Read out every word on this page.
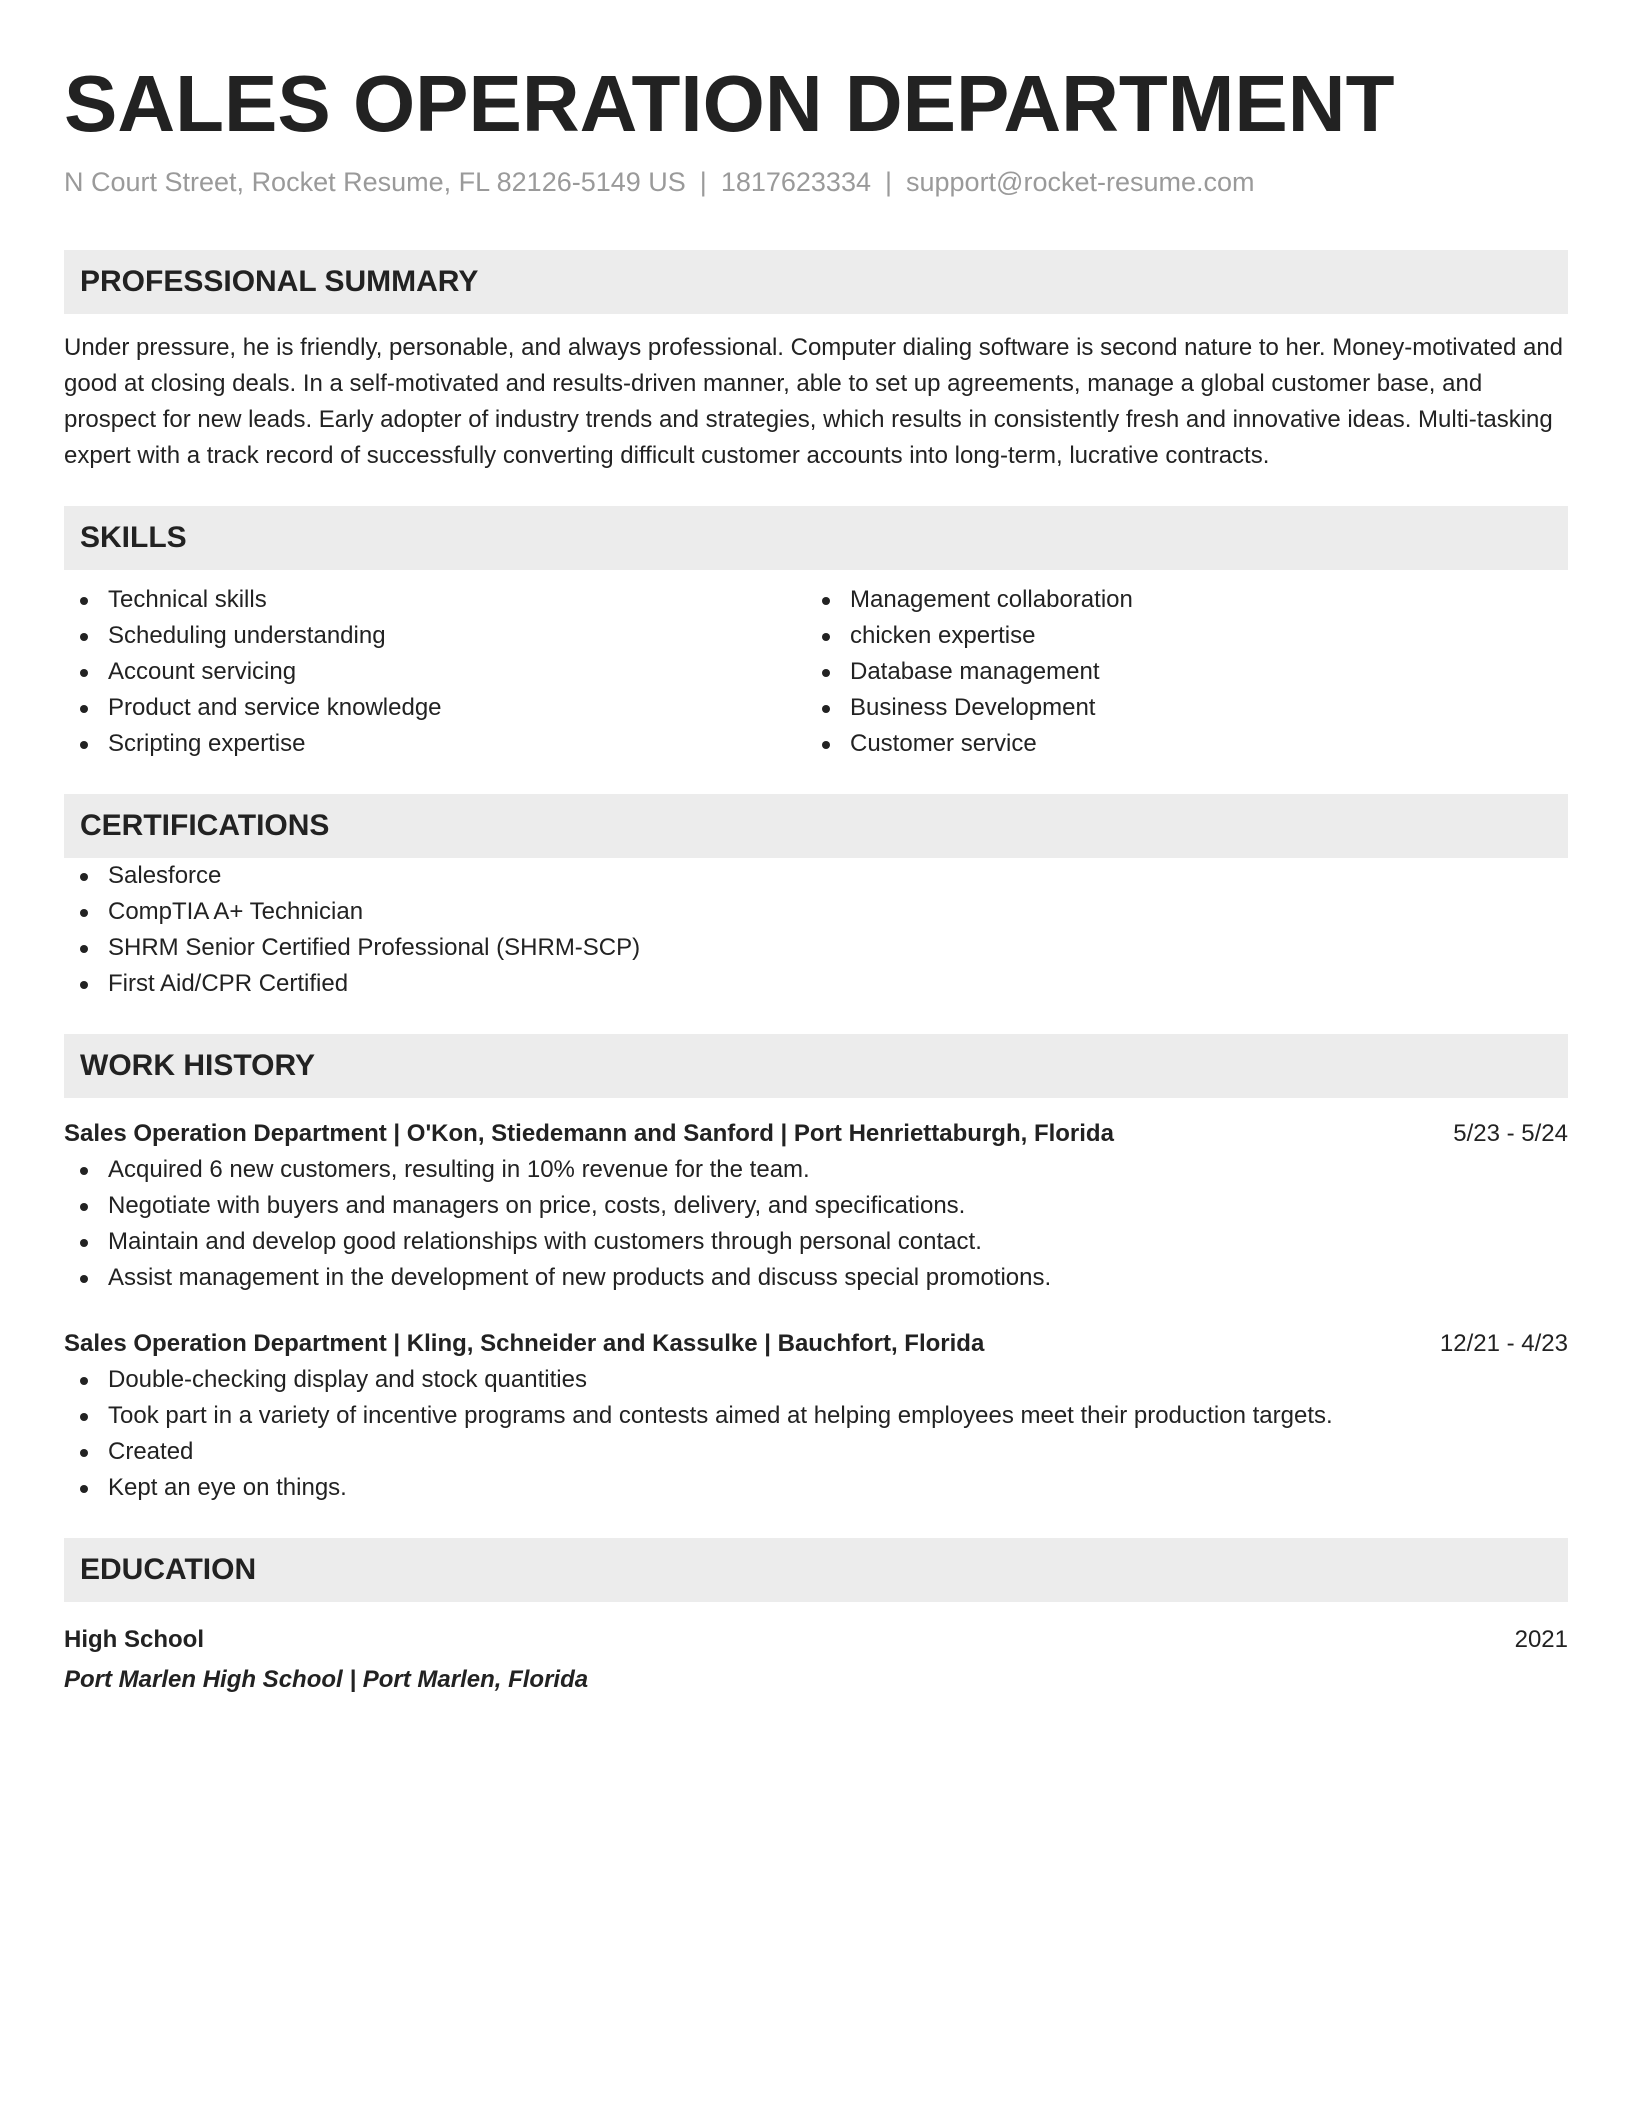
SALES OPERATION DEPARTMENT
N Court Street, Rocket Resume, FL 82126-5149 US | 1817623334 | support@rocket-resume.com
PROFESSIONAL SUMMARY
Under pressure, he is friendly, personable, and always professional. Computer dialing software is second nature to her. Money-motivated and good at closing deals. In a self-motivated and results-driven manner, able to set up agreements, manage a global customer base, and prospect for new leads. Early adopter of industry trends and strategies, which results in consistently fresh and innovative ideas. Multi-tasking expert with a track record of successfully converting difficult customer accounts into long-term, lucrative contracts.
SKILLS
Technical skills
Scheduling understanding
Account servicing
Product and service knowledge
Scripting expertise
Management collaboration
chicken expertise
Database management
Business Development
Customer service
CERTIFICATIONS
Salesforce
CompTIA A+ Technician
SHRM Senior Certified Professional (SHRM-SCP)
First Aid/CPR Certified
WORK HISTORY
Sales Operation Department | O'Kon, Stiedemann and Sanford | Port Henriettaburgh, Florida	5/23 - 5/24
Acquired 6 new customers, resulting in 10% revenue for the team.
Negotiate with buyers and managers on price, costs, delivery, and specifications.
Maintain and develop good relationships with customers through personal contact.
Assist management in the development of new products and discuss special promotions.
Sales Operation Department | Kling, Schneider and Kassulke | Bauchfort, Florida	12/21 - 4/23
Double-checking display and stock quantities
Took part in a variety of incentive programs and contests aimed at helping employees meet their production targets.
Created
Kept an eye on things.
EDUCATION
High School	2021
Port Marlen High School | Port Marlen, Florida
